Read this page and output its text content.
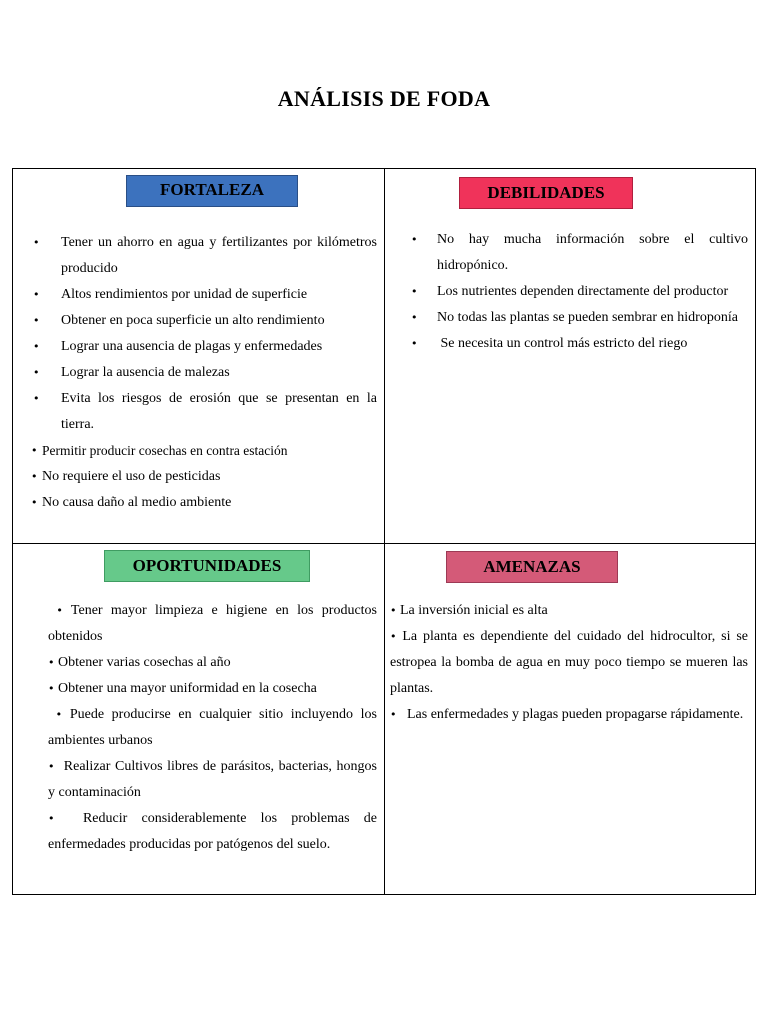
ANÁLISIS DE FODA
FORTALEZA	DEBILIDADES
OPORTUNIDADES	AMENAZAS
• Tener un ahorro en agua y fertilizantes por kilómetros producido
• Altos rendimientos por unidad de superficie
• Obtener en poca superficie un alto rendimiento
• Lograr una ausencia de plagas y enfermedades
• Lograr la ausencia de malezas
• Evita los riesgos de erosión que se presentan en la tierra.
• Permitir producir cosechas en contra estación
• No requiere el uso de pesticidas
• No causa daño al medio ambiente
• No hay mucha información sobre el cultivo hidropónico.
• Los nutrientes dependen directamente del productor
• No todas las plantas se pueden sembrar en hidroponía
• Se necesita un control más estricto del riego
• Tener mayor limpieza e higiene en los productos obtenidos
• Obtener varias cosechas al año
• Obtener una mayor uniformidad en la cosecha
• Puede producirse en cualquier sitio incluyendo los ambientes urbanos
• Realizar Cultivos libres de parásitos, bacterias, hongos y contaminación
• Reducir considerablemente los problemas de enfermedades producidas por patógenos del suelo.
• La inversión inicial es alta
• La planta es dependiente del cuidado del hidrocultor, si se estropea la bomba de agua en muy poco tiempo se mueren las plantas.
• Las enfermedades y plagas pueden propagarse rápidamente.
